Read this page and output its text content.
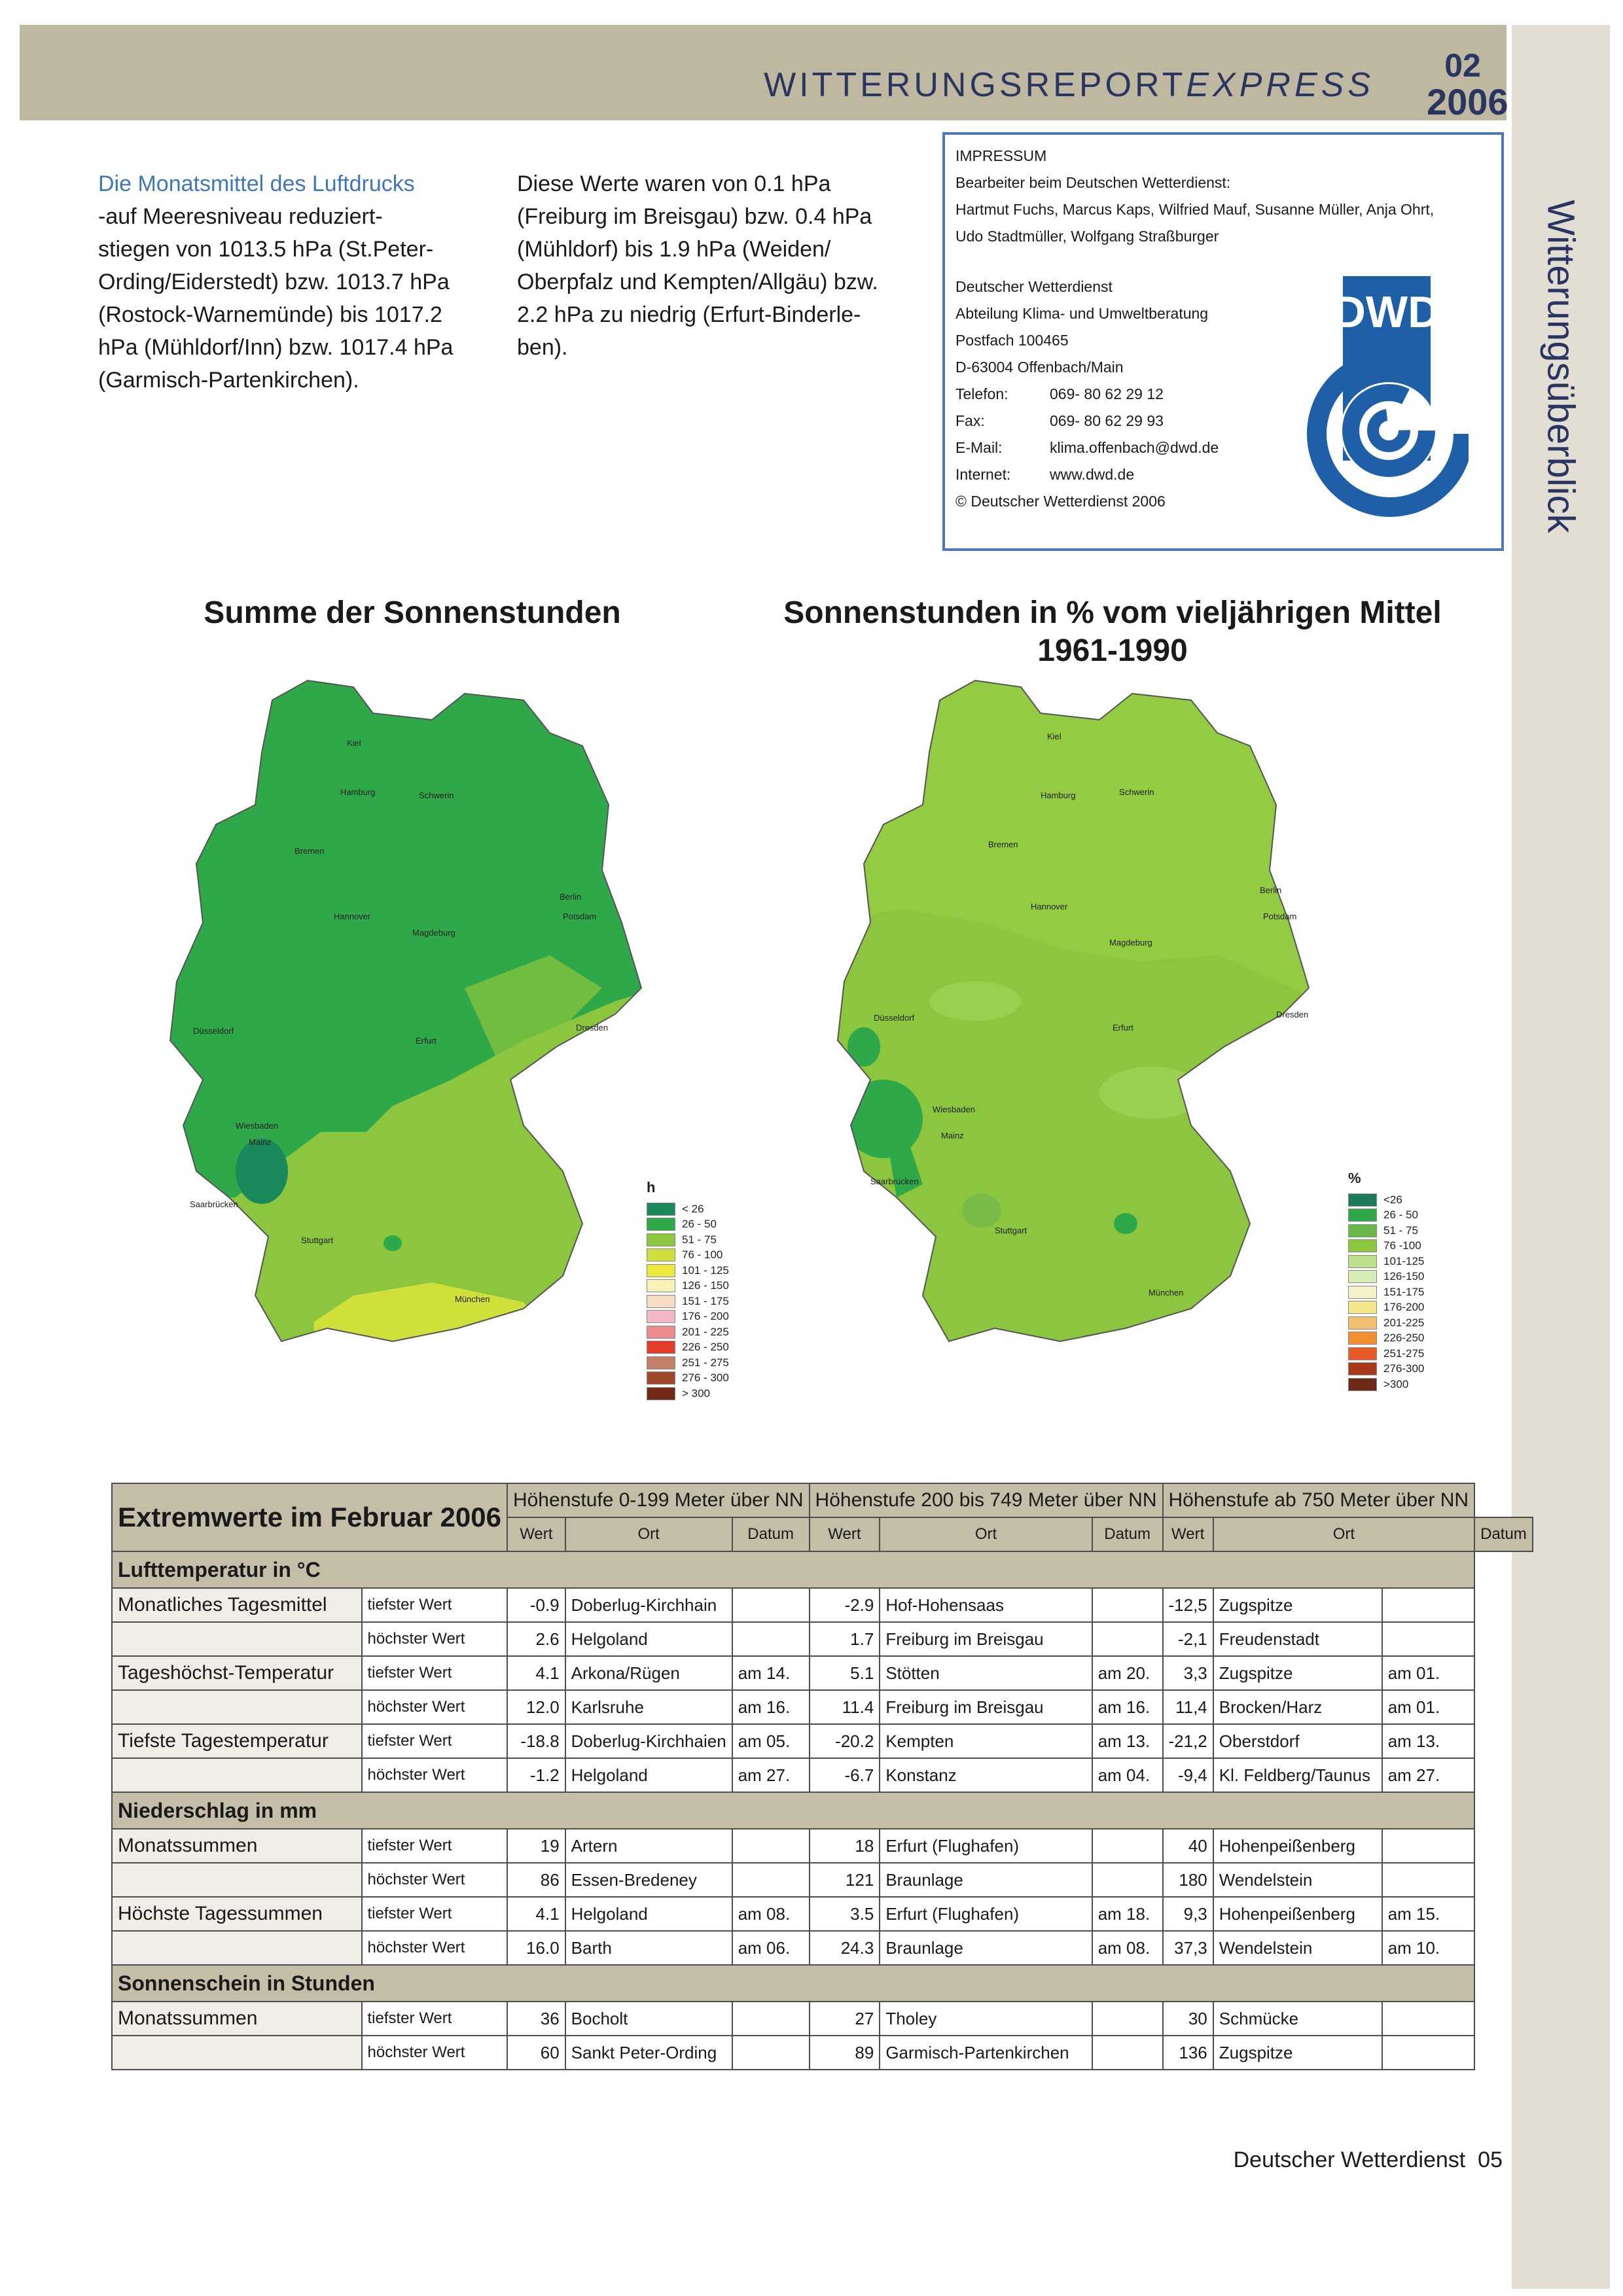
WITTERUNGSREPORTEXPRESS
02
2006
Witterungsüberblick
Die Monatsmittel des Luftdrucks
-auf Meeresniveau reduziert-
stiegen von 1013.5 hPa (St.Peter-
Ording/Eiderstedt) bzw. 1013.7 hPa
(Rostock-Warnemünde) bis 1017.2
hPa (Mühldorf/Inn) bzw. 1017.4 hPa
(Garmisch-Partenkirchen).
Diese Werte waren von 0.1 hPa
(Freiburg im Breisgau) bzw. 0.4 hPa
(Mühldorf) bis 1.9 hPa (Weiden/
Oberpfalz und Kempten/Allgäu) bzw.
2.2 hPa zu niedrig (Erfurt-Binderle-
ben).
IMPRESSUM
Bearbeiter beim Deutschen Wetterdienst:
Hartmut Fuchs, Marcus Kaps, Wilfried Mauf, Susanne Müller, Anja Ohrt,
Udo Stadtmüller, Wolfgang Straßburger
Deutscher Wetterdienst
Abteilung Klima- und Umweltberatung
Postfach 100465
D-63004 Offenbach/Main
Telefon:	069- 80 62 29 12
Fax:	069- 80 62 29 93
E-Mail:	klima.offenbach@dwd.de
Internet:	www.dwd.de
© Deutscher Wetterdienst 2006
DWD
Summe der Sonnenstunden	Sonnenstunden in % vom vieljährigen Mittel
1961-1990
Kiel
Hamburg	Schwerin
Bremen
Berlin
Hannover	Potsdam
Magdeburg
Düsseldorf
Erfurt
Dresden
Wiesbaden
Mainz
Saarbrücken
Stuttgart
München
h
< 26
26 - 50
51 - 75
76 - 100
101 - 125
126 - 150
151 - 175
176 - 200
201 - 225
226 - 250
251 - 275
276 - 300
> 300
Kiel
Hamburg	Schwerin
Bremen
Berlin
Hannover
Potsdam
Magdeburg
Düsseldorf
Erfurt
Dresden
Wiesbaden
Mainz
Saarbrücken
Stuttgart
München
%
<26
26 - 50
51 - 75
76 -100
101-125
126-150
151-175
176-200
201-225
226-250
251-275
276-300
>300
Extremwerte im Februar 2006		Höhenstufe 0-199 Meter über NN			Höhenstufe 200 bis 749 Meter über NN			Höhenstufe ab 750 Meter über NN			
		Wert	Ort	Datum	Wert	Ort	Datum	Wert	Ort		Datum
Lufttemperatur in °C											
Monatliches Tagesmittel	tiefster Wert	-0.9	Doberlug-Kirchhain		-2.9	Hof-Hohensaas		-12,5	Zugspitze		
	höchster Wert	2.6	Helgoland		1.7	Freiburg im Breisgau		-2,1	Freudenstadt		
Tageshöchst-Temperatur	tiefster Wert	4.1	Arkona/Rügen	am 14.	5.1	Stötten	am 20.	3,3	Zugspitze	am 01.	
	höchster Wert	12.0	Karlsruhe	am 16.	11.4	Freiburg im Breisgau	am 16.	11,4	Brocken/Harz	am 01.	
Tiefste Tagestemperatur	tiefster Wert	-18.8	Doberlug-Kirchhaien	am 05.	-20.2	Kempten	am 13.	-21,2	Oberstdorf	am 13.	
	höchster Wert	-1.2	Helgoland	am 27.	-6.7	Konstanz	am 04.	-9,4	Kl. Feldberg/Taunus	am 27.	
Niederschlag in mm											
Monatssummen	tiefster Wert	19	Artern		18	Erfurt (Flughafen)		40	Hohenpeißenberg		
	höchster Wert	86	Essen-Bredeney		121	Braunlage		180	Wendelstein		
Höchste Tagessummen	tiefster Wert	4.1	Helgoland	am 08.	3.5	Erfurt (Flughafen)	am 18.	9,3	Hohenpeißenberg	am 15.	
	höchster Wert	16.0	Barth	am 06.	24.3	Braunlage	am 08.	37,3	Wendelstein	am 10.	
Sonnenschein in Stunden											
Monatssummen	tiefster Wert	36	Bocholt		27	Tholey		30	Schmücke		
	höchster Wert	60	Sankt Peter-Ording		89	Garmisch-Partenkirchen		136	Zugspitze		
Deutscher Wetterdienst 05
